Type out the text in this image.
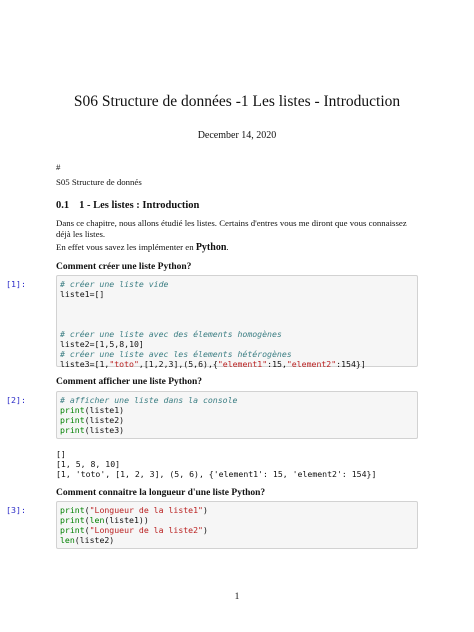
S06 Structure de données -1 Les listes - Introduction
December 14, 2020
#
S05 Structure de donnés
0.1 1 - Les listes : Introduction
Dans ce chapitre, nous allons étudié les listes. Certains d'entres vous me diront que vous connaissez déjà les listes.
En effet vous savez les implémenter en Python.
Comment créer une liste Python?
[1]:	# créer une liste vide
liste1=[]
# créer une liste avec des élements homogènes
liste2=[1,5,8,10]
# créer une liste avec les élements hétérogènes
liste3=[1,"toto",[1,2,3],(5,6),{"element1":15,"element2":154}]
Comment afficher une liste Python?
[2]:	# afficher une liste dans la console
print(liste1)
print(liste2)
print(liste3)
[]
[1, 5, 8, 10]
[1, 'toto', [1, 2, 3], (5, 6), {'element1': 15, 'element2': 154}]
Comment connaitre la longueur d'une liste Python?
[3]:	print("Longueur de la liste1")
print(len(liste1))
print("Longueur de la liste2")
len(liste2)
1
